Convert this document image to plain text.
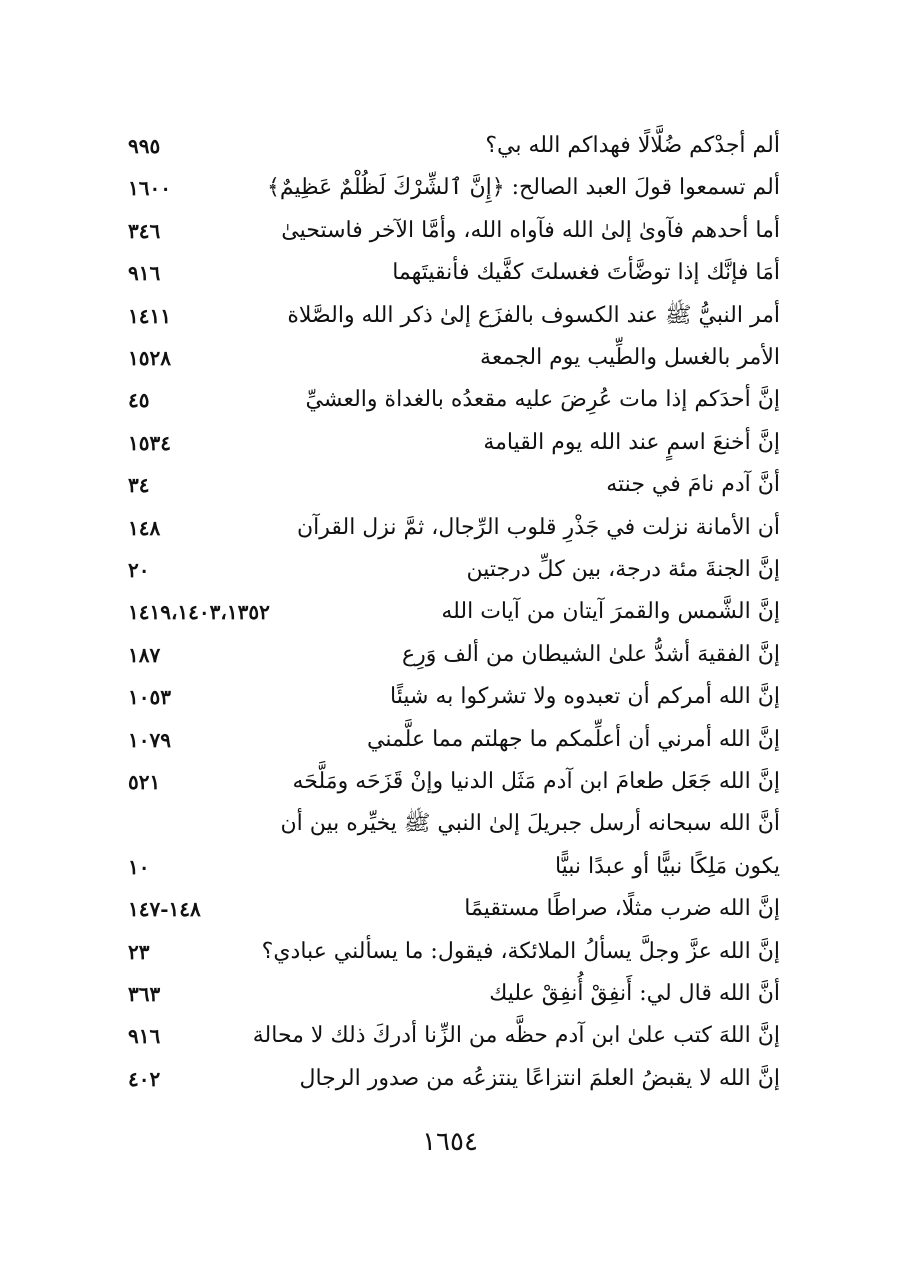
ألم أجدْكم ضُلَّالًا فهداكم الله بي؟
٩٩٥
ألم تسمعوا قولَ العبد الصالح: ﴿إِنَّ ٱلشِّرْكَ لَظُلْمٌ عَظِيمٌ﴾
١٦٠٠
أما أحدهم فآوىٰ إلىٰ الله فآواه الله، وأمَّا الآخر فاستحيىٰ
٣٤٦
أمَا فإنَّك إذا توضَّأتَ فغسلتَ كفَّيك فأنقيتَهما
٩١٦
أمر النبيُّ ﷺ عند الكسوف بالفزَع إلىٰ ذكر الله والصَّلاة
١٤١١
الأمر بالغسل والطِّيب يوم الجمعة
١٥٢٨
إنَّ أحدَكم إذا مات عُرِضَ عليه مقعدُه بالغداة والعشيِّ
٤٥
إنَّ أخنعَ اسمٍ عند الله يوم القيامة
١٥٣٤
أنَّ آدم نامَ في جنته
٣٤
أن الأمانة نزلت في جَذْرِ قلوب الرِّجال، ثمَّ نزل القرآن
١٤٨
إنَّ الجنةَ مئة درجة، بين كلِّ درجتين
٢٠
إنَّ الشَّمس والقمرَ آيتان من آيات الله
١٤١٩،١٤٠٣،١٣٥٢
إنَّ الفقيهَ أشدُّ علىٰ الشيطان من ألف وَرِع
١٨٧
إنَّ الله أمركم أن تعبدوه ولا تشركوا به شيئًا
١٠٥٣
إنَّ الله أمرني أن أعلِّمكم ما جهلتم مما علَّمني
١٠٧٩
إنَّ الله جَعَل طعامَ ابن آدم مَثَل الدنيا وإنْ قَزَحَه ومَلَّحَه
٥٢١
أنَّ الله سبحانه أرسل جبريلَ إلىٰ النبي ﷺ يخيِّره بين أن
يكون مَلِكًا نبيًّا أو عبدًا نبيًّا
١٠
إنَّ الله ضرب مثلًا، صراطًا مستقيمًا
١٤٨-١٤٧
إنَّ الله عزَّ وجلَّ يسألُ الملائكة، فيقول: ما يسألني عبادي؟
٢٣
أنَّ الله قال لي: أَنفِقْ أُنفِقْ عليك
٣٦٣
إنَّ اللهَ كتب علىٰ ابن آدم حظَّه من الزِّنا أدركَ ذلك لا محالة
٩١٦
إنَّ الله لا يقبضُ العلمَ انتزاعًا ينتزعُه من صدور الرجال
٤٠٢
١٦٥٤
